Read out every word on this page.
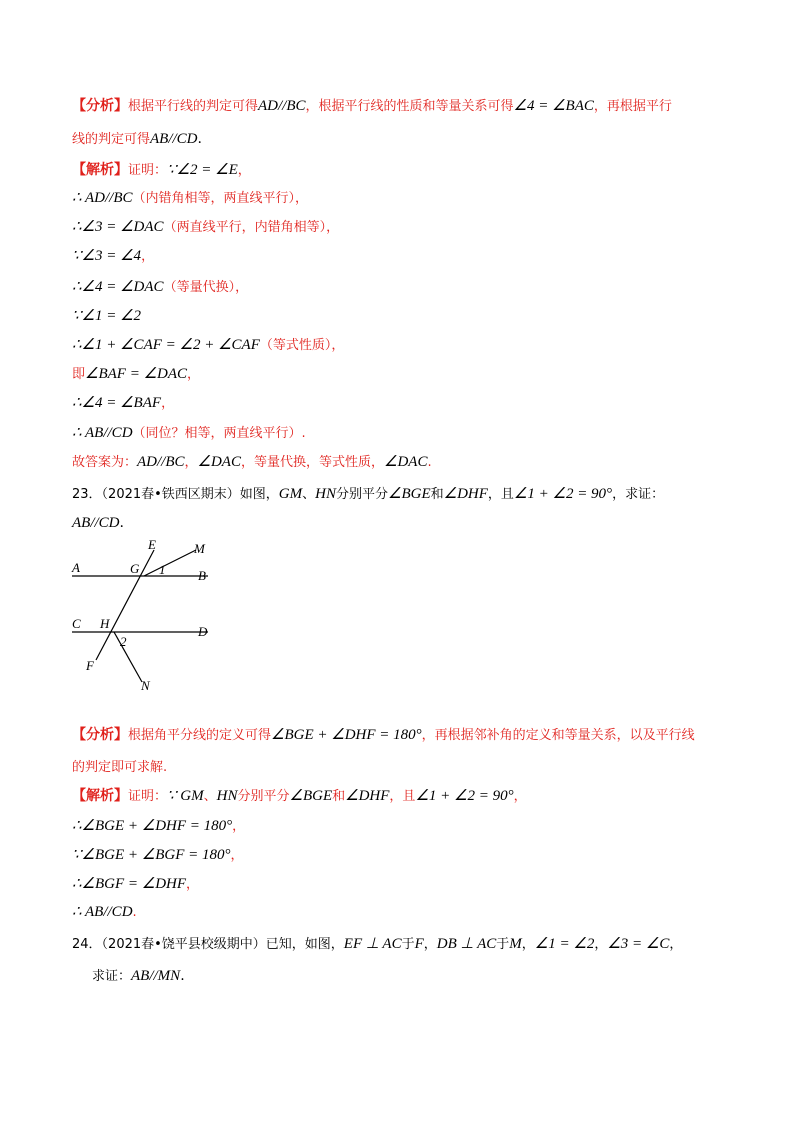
【分析】根据平行线的判定可得AD//BC，根据平行线的性质和等量关系可得∠4 = ∠BAC，再根据平行
线的判定可得AB//CD.
【解析】证明：∵∠2 = ∠E，
∴ AD//BC（内错角相等，两直线平行），
∴∠3 = ∠DAC（两直线平行，内错角相等），
∵∠3 = ∠4，
∴∠4 = ∠DAC（等量代换），
∵∠1 = ∠2
∴∠1 + ∠CAF = ∠2 + ∠CAF（等式性质），
即∠BAF = ∠DAC，
∴∠4 = ∠BAF，
∴ AB//CD（同位？相等，两直线平行）.
故答案为：AD//BC，∠DAC，等量代换，等式性质，∠DAC.
23．（2021春•铁西区期末）如图，GM、HN分别平分∠BGE和∠DHF，且∠1 + ∠2 = 90°，求证：
AB//CD.
E	M
A	G 1	B
C H
D
2
F
N
【分析】根据角平分线的定义可得∠BGE + ∠DHF = 180°，再根据邻补角的定义和等量关系，以及平行线
的判定即可求解.
【解析】证明：∵ GM、HN分别平分∠BGE和∠DHF，且∠1 + ∠2 = 90°，
∴∠BGE + ∠DHF = 180°，
∵∠BGE + ∠BGF = 180°，
∴∠BGF = ∠DHF，
∴ AB//CD.
24．（2021春•饶平县校级期中）已知，如图，EF ⊥ AC于F，DB ⊥ AC于M，∠1 = ∠2，∠3 = ∠C，
求证：AB//MN.
